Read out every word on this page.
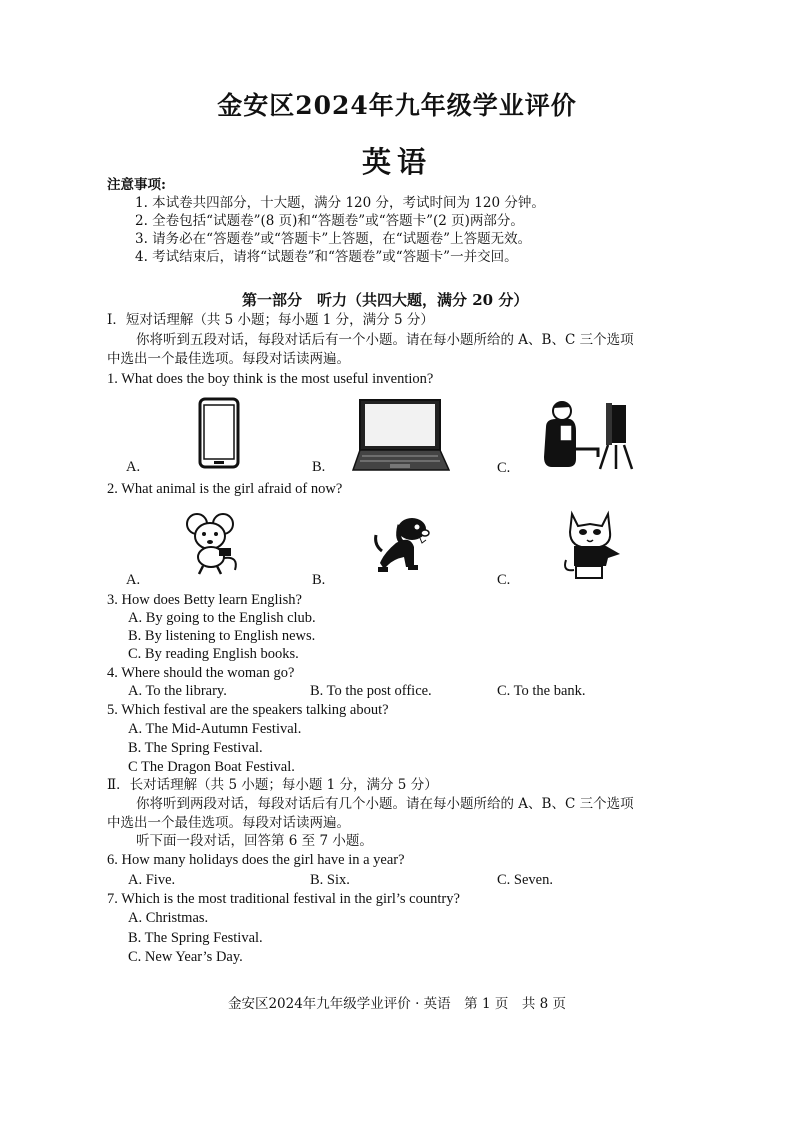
金安区2024年九年级学业评价
英语
注意事项:
1. 本试卷共四部分，十大题，满分 120 分，考试时间为 120 分钟。
2. 全卷包括“试题卷”(8 页)和“答题卷”或“答题卡”(2 页)两部分。
3. 请务必在“答题卷”或“答题卡”上答题，在“试题卷”上答题无效。
4. 考试结束后，请将“试题卷”和“答题卷”或“答题卡”一并交回。
第一部分　听力（共四大题，满分 20 分）
Ⅰ．短对话理解（共 5 小题；每小题 1 分，满分 5 分）
你将听到五段对话，每段对话后有一个小题。请在每小题所给的 A、B、C 三个选项
中选出一个最佳选项。每段对话读两遍。
1. What does the boy think is the most useful invention?
A.	B.	C.
2. What animal is the girl afraid of now?
A.	B.	C.
3. How does Betty learn English?
A. By going to the English club.
B. By listening to English news.
C. By reading English books.
4. Where should the woman go?
A. To the library.	B. To the post office.	C. To the bank.
5. Which festival are the speakers talking about?
A. The Mid-Autumn Festival.
B. The Spring Festival.
C The Dragon Boat Festival.
Ⅱ．长对话理解（共 5 小题；每小题 1 分，满分 5 分）
你将听到两段对话，每段对话后有几个小题。请在每小题所给的 A、B、C 三个选项
中选出一个最佳选项。每段对话读两遍。
听下面一段对话，回答第 6 至 7 小题。
6. How many holidays does the girl have in a year?
A. Five.	B. Six.	C. Seven.
7. Which is the most traditional festival in the girl’s country?
A. Christmas.
B. The Spring Festival.
C. New Year’s Day.
金安区2024年九年级学业评价 · 英语　第 1 页　共 8 页
